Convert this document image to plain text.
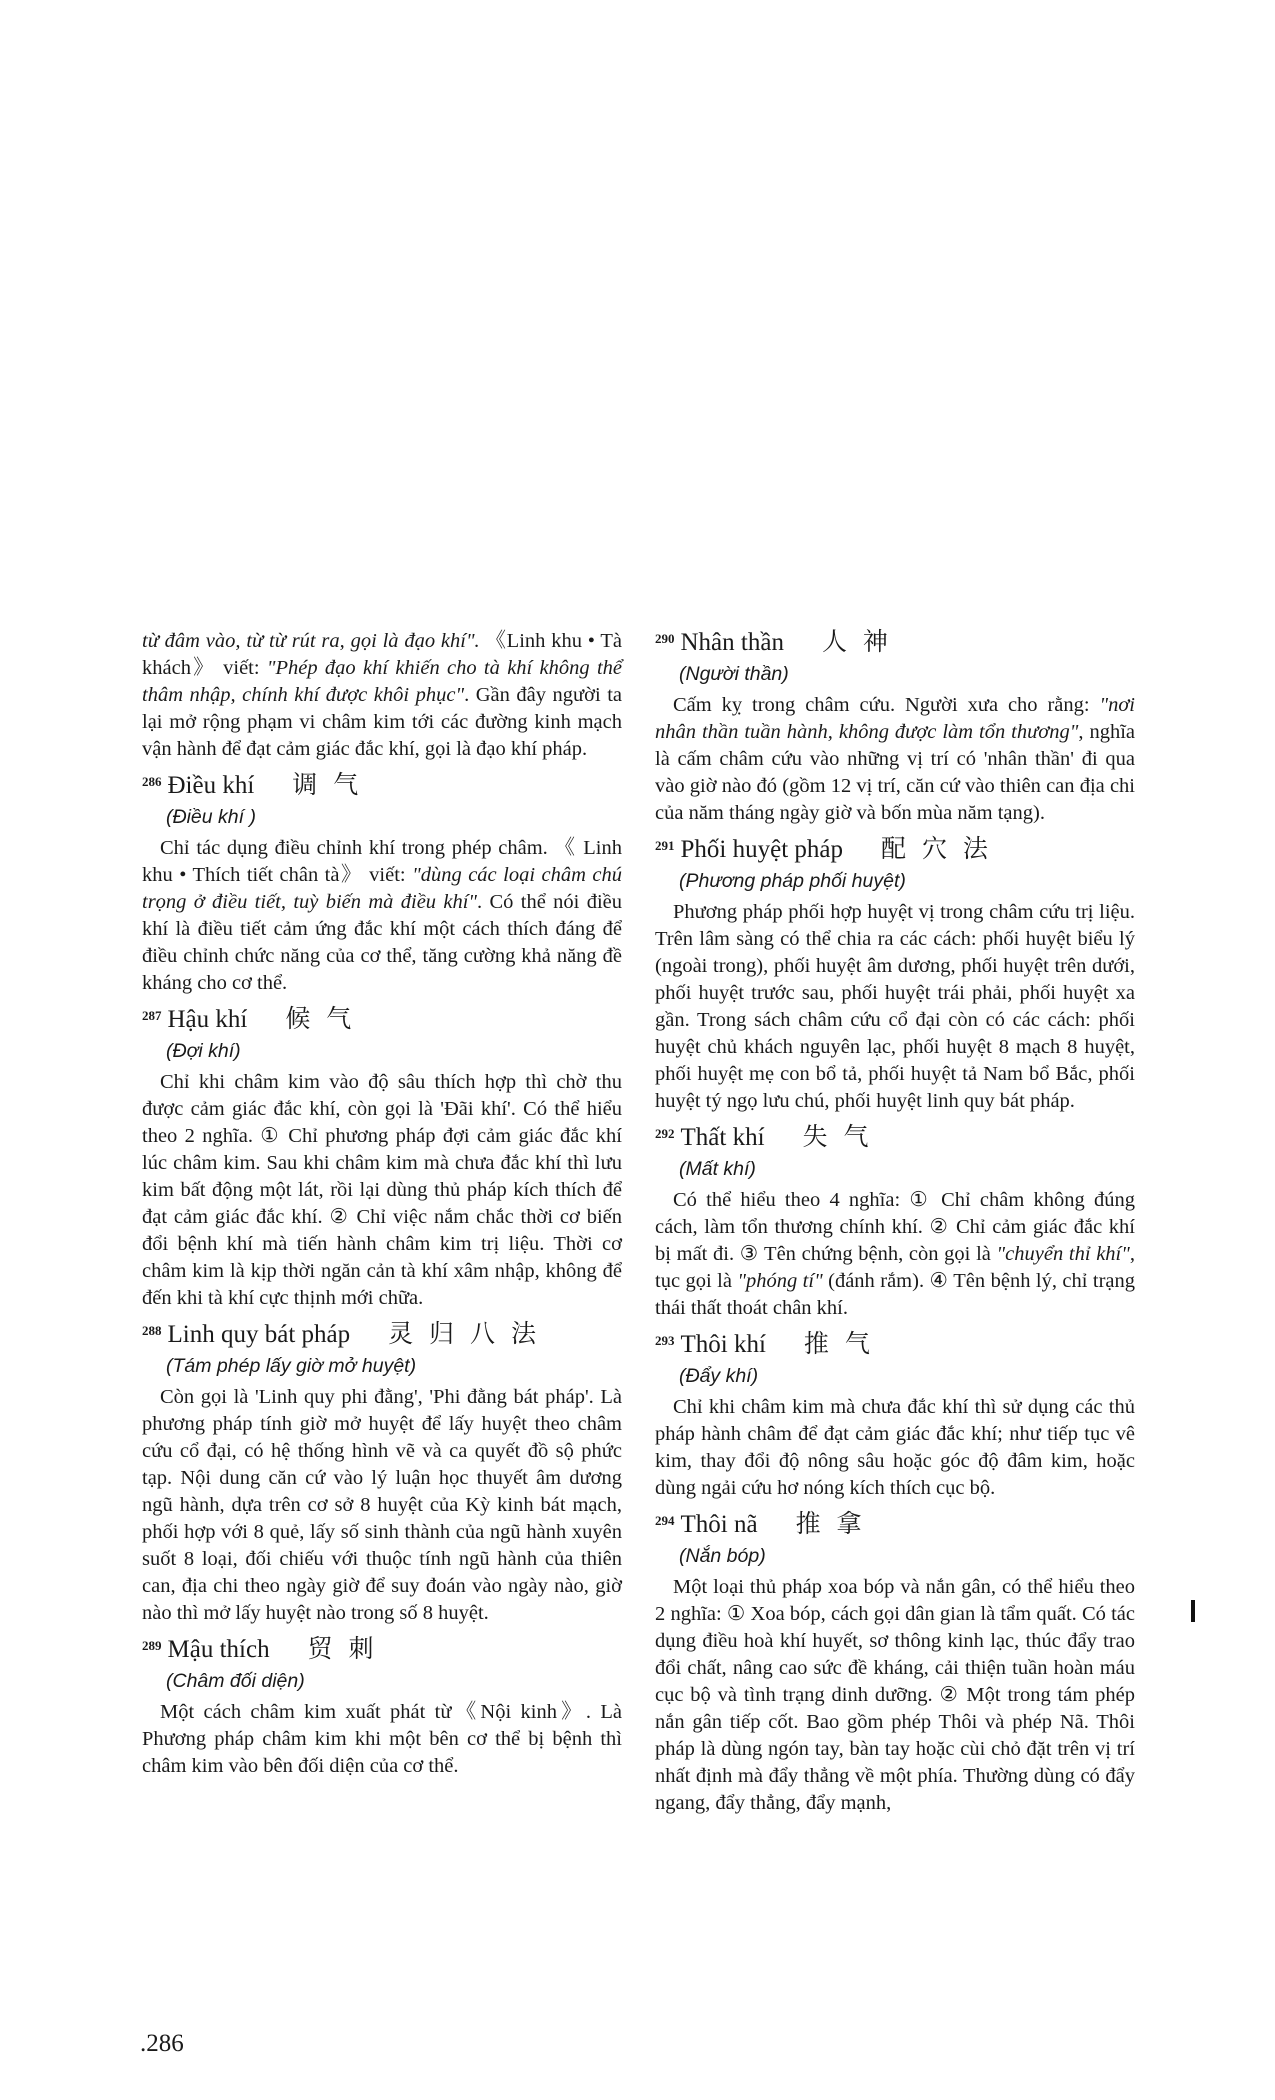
từ đâm vào, từ từ rút ra, gọi là đạo khí". 《Linh khu • Tà khách》 viết: "Phép đạo khí khiến cho tà khí không thể thâm nhập, chính khí được khôi phục". Gần đây người ta lại mở rộng phạm vi châm kim tới các đường kinh mạch vận hành để đạt cảm giác đắc khí, gọi là đạo khí pháp.

286 Điều khí 调 气
(Điều khí )

Chỉ tác dụng điều chỉnh khí trong phép châm. 《 Linh khu • Thích tiết chân tà》 viết: "dùng các loại châm chú trọng ở điều tiết, tuỳ biến mà điều khí". Có thể nói điều khí là điều tiết cảm ứng đắc khí một cách thích đáng để điều chỉnh chức năng của cơ thể, tăng cường khả năng đề kháng cho cơ thể.

287 Hậu khí 候 气
(Đợi khí)

Chỉ khi châm kim vào độ sâu thích hợp thì chờ thu được cảm giác đắc khí, còn gọi là 'Đãi khí'. Có thể hiểu theo 2 nghĩa. ① Chỉ phương pháp đợi cảm giác đắc khí lúc châm kim. Sau khi châm kim mà chưa đắc khí thì lưu kim bất động một lát, rồi lại dùng thủ pháp kích thích để đạt cảm giác đắc khí. ② Chỉ việc nắm chắc thời cơ biến đổi bệnh khí mà tiến hành châm kim trị liệu. Thời cơ châm kim là kịp thời ngăn cản tà khí xâm nhập, không để đến khi tà khí cực thịnh mới chữa.

288 Linh quy bát pháp 灵 归 八 法
(Tám phép lấy giờ mở huyệt)

Còn gọi là 'Linh quy phi đằng', 'Phi đằng bát pháp'. Là phương pháp tính giờ mở huyệt để lấy huyệt theo châm cứu cổ đại, có hệ thống hình vẽ và ca quyết đồ sộ phức tạp. Nội dung căn cứ vào lý luận học thuyết âm dương ngũ hành, dựa trên cơ sở 8 huyệt của Kỳ kinh bát mạch, phối hợp với 8 quẻ, lấy số sinh thành của ngũ hành xuyên suốt 8 loại, đối chiếu với thuộc tính ngũ hành của thiên can, địa chi theo ngày giờ để suy đoán vào ngày nào, giờ nào thì mở lấy huyệt nào trong số 8 huyệt.

289 Mậu thích 贸 刺
(Châm đối diện)

Một cách châm kim xuất phát từ《Nội kinh》. Là Phương pháp châm kim khi một bên cơ thể bị bệnh thì châm kim vào bên đối diện của cơ thể.

290 Nhân thần 人 神
(Người thần)

Cấm kỵ trong châm cứu. Người xưa cho rằng: "nơi nhân thần tuần hành, không được làm tổn thương", nghĩa là cấm châm cứu vào những vị trí có 'nhân thần' đi qua vào giờ nào đó (gồm 12 vị trí, căn cứ vào thiên can địa chi của năm tháng ngày giờ và bốn mùa năm tạng).

291 Phối huyệt pháp 配 穴 法
(Phương pháp phối huyệt)

Phương pháp phối hợp huyệt vị trong châm cứu trị liệu. Trên lâm sàng có thể chia ra các cách: phối huyệt biểu lý (ngoài trong), phối huyệt âm dương, phối huyệt trên dưới, phối huyệt trước sau, phối huyệt trái phải, phối huyệt xa gần. Trong sách châm cứu cổ đại còn có các cách: phối huyệt chủ khách nguyên lạc, phối huyệt 8 mạch 8 huyệt, phối huyệt mẹ con bổ tả, phối huyệt tả Nam bổ Bắc, phối huyệt tý ngọ lưu chú, phối huyệt linh quy bát pháp.

292 Thất khí 失 气
(Mất khí)

Có thể hiểu theo 4 nghĩa: ① Chỉ châm không đúng cách, làm tổn thương chính khí. ② Chỉ cảm giác đắc khí bị mất đi. ③ Tên chứng bệnh, còn gọi là "chuyển thỉ khí", tục gọi là "phóng tí" (đánh rắm). ④ Tên bệnh lý, chỉ trạng thái thất thoát chân khí.

293 Thôi khí 推 气
(Đẩy khí)

Chỉ khi châm kim mà chưa đắc khí thì sử dụng các thủ pháp hành châm để đạt cảm giác đắc khí; như tiếp tục vê kim, thay đổi độ nông sâu hoặc góc độ đâm kim, hoặc dùng ngải cứu hơ nóng kích thích cục bộ.

294 Thôi nã 推 拿
(Nắn bóp)

Một loại thủ pháp xoa bóp và nắn gân, có thể hiểu theo 2 nghĩa: ① Xoa bóp, cách gọi dân gian là tẩm quất. Có tác dụng điều hoà khí huyết, sơ thông kinh lạc, thúc đẩy trao đổi chất, nâng cao sức đề kháng, cải thiện tuần hoàn máu cục bộ và tình trạng dinh dưỡng. ② Một trong tám phép nắn gân tiếp cốt. Bao gồm phép Thôi và phép Nã. Thôi pháp là dùng ngón tay, bàn tay hoặc cùi chỏ đặt trên vị trí nhất định mà đẩy thẳng về một phía. Thường dùng có đẩy ngang, đẩy thẳng, đẩy mạnh,

.286
